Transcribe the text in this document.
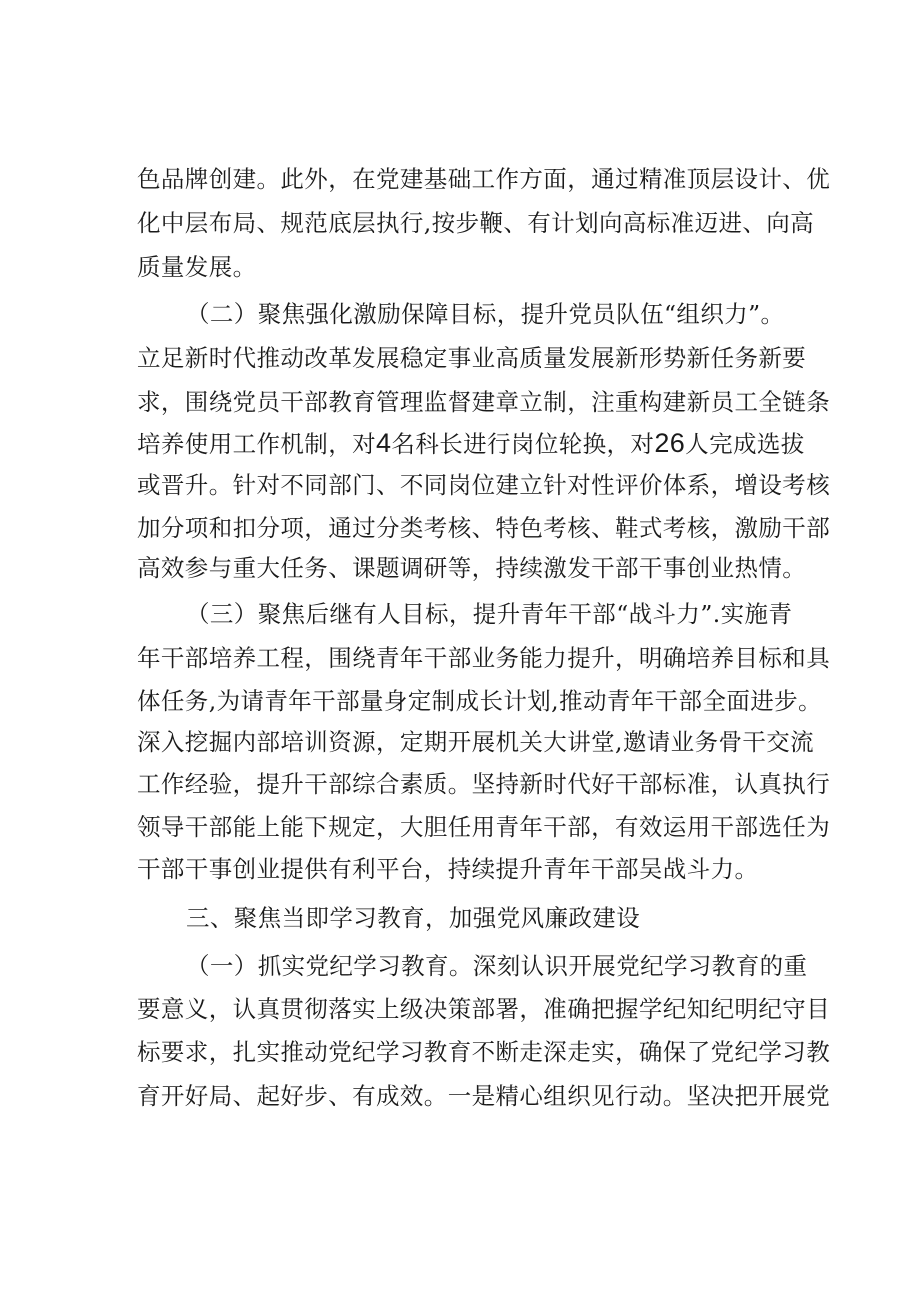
色品牌创建。此外，在党建基础工作方面，通过精准顶层设计、优
化中层布局、规范底层执行,按步鞭、有计划向高标准迈进、向高
质量发展。
（二）聚焦强化激励保障目标，提升党员队伍“组织力”。
立足新时代推动改革发展稳定事业高质量发展新形势新任务新要
求，围绕党员干部教育管理监督建章立制，注重构建新员工全链条
培养使用工作机制，对4名科长进行岗位轮换，对26人完成选拔
或晋升。针对不同部门、不同岗位建立针对性评价体系，增设考核
加分项和扣分项，通过分类考核、特色考核、鞋式考核，激励干部
高效参与重大任务、课题调研等，持续激发干部干事创业热情。
（三）聚焦后继有人目标，提升青年干部“战斗力”.实施青
年干部培养工程，围绕青年干部业务能力提升，明确培养目标和具
体任务,为请青年干部量身定制成长计划,推动青年干部全面进步。
深入挖掘内部培训资源，定期开展机关大讲堂,邀请业务骨干交流
工作经验，提升干部综合素质。坚持新时代好干部标准，认真执行
领导干部能上能下规定，大胆任用青年干部，有效运用干部选任为
干部干事创业提供有利平台，持续提升青年干部吴战斗力。
三、聚焦当即学习教育，加强党风廉政建设
（一）抓实党纪学习教育。深刻认识开展党纪学习教育的重
要意义，认真贯彻落实上级决策部署，准确把握学纪知纪明纪守目
标要求，扎实推动党纪学习教育不断走深走实，确保了党纪学习教
育开好局、起好步、有成效。一是精心组织见行动。坚决把开展党
